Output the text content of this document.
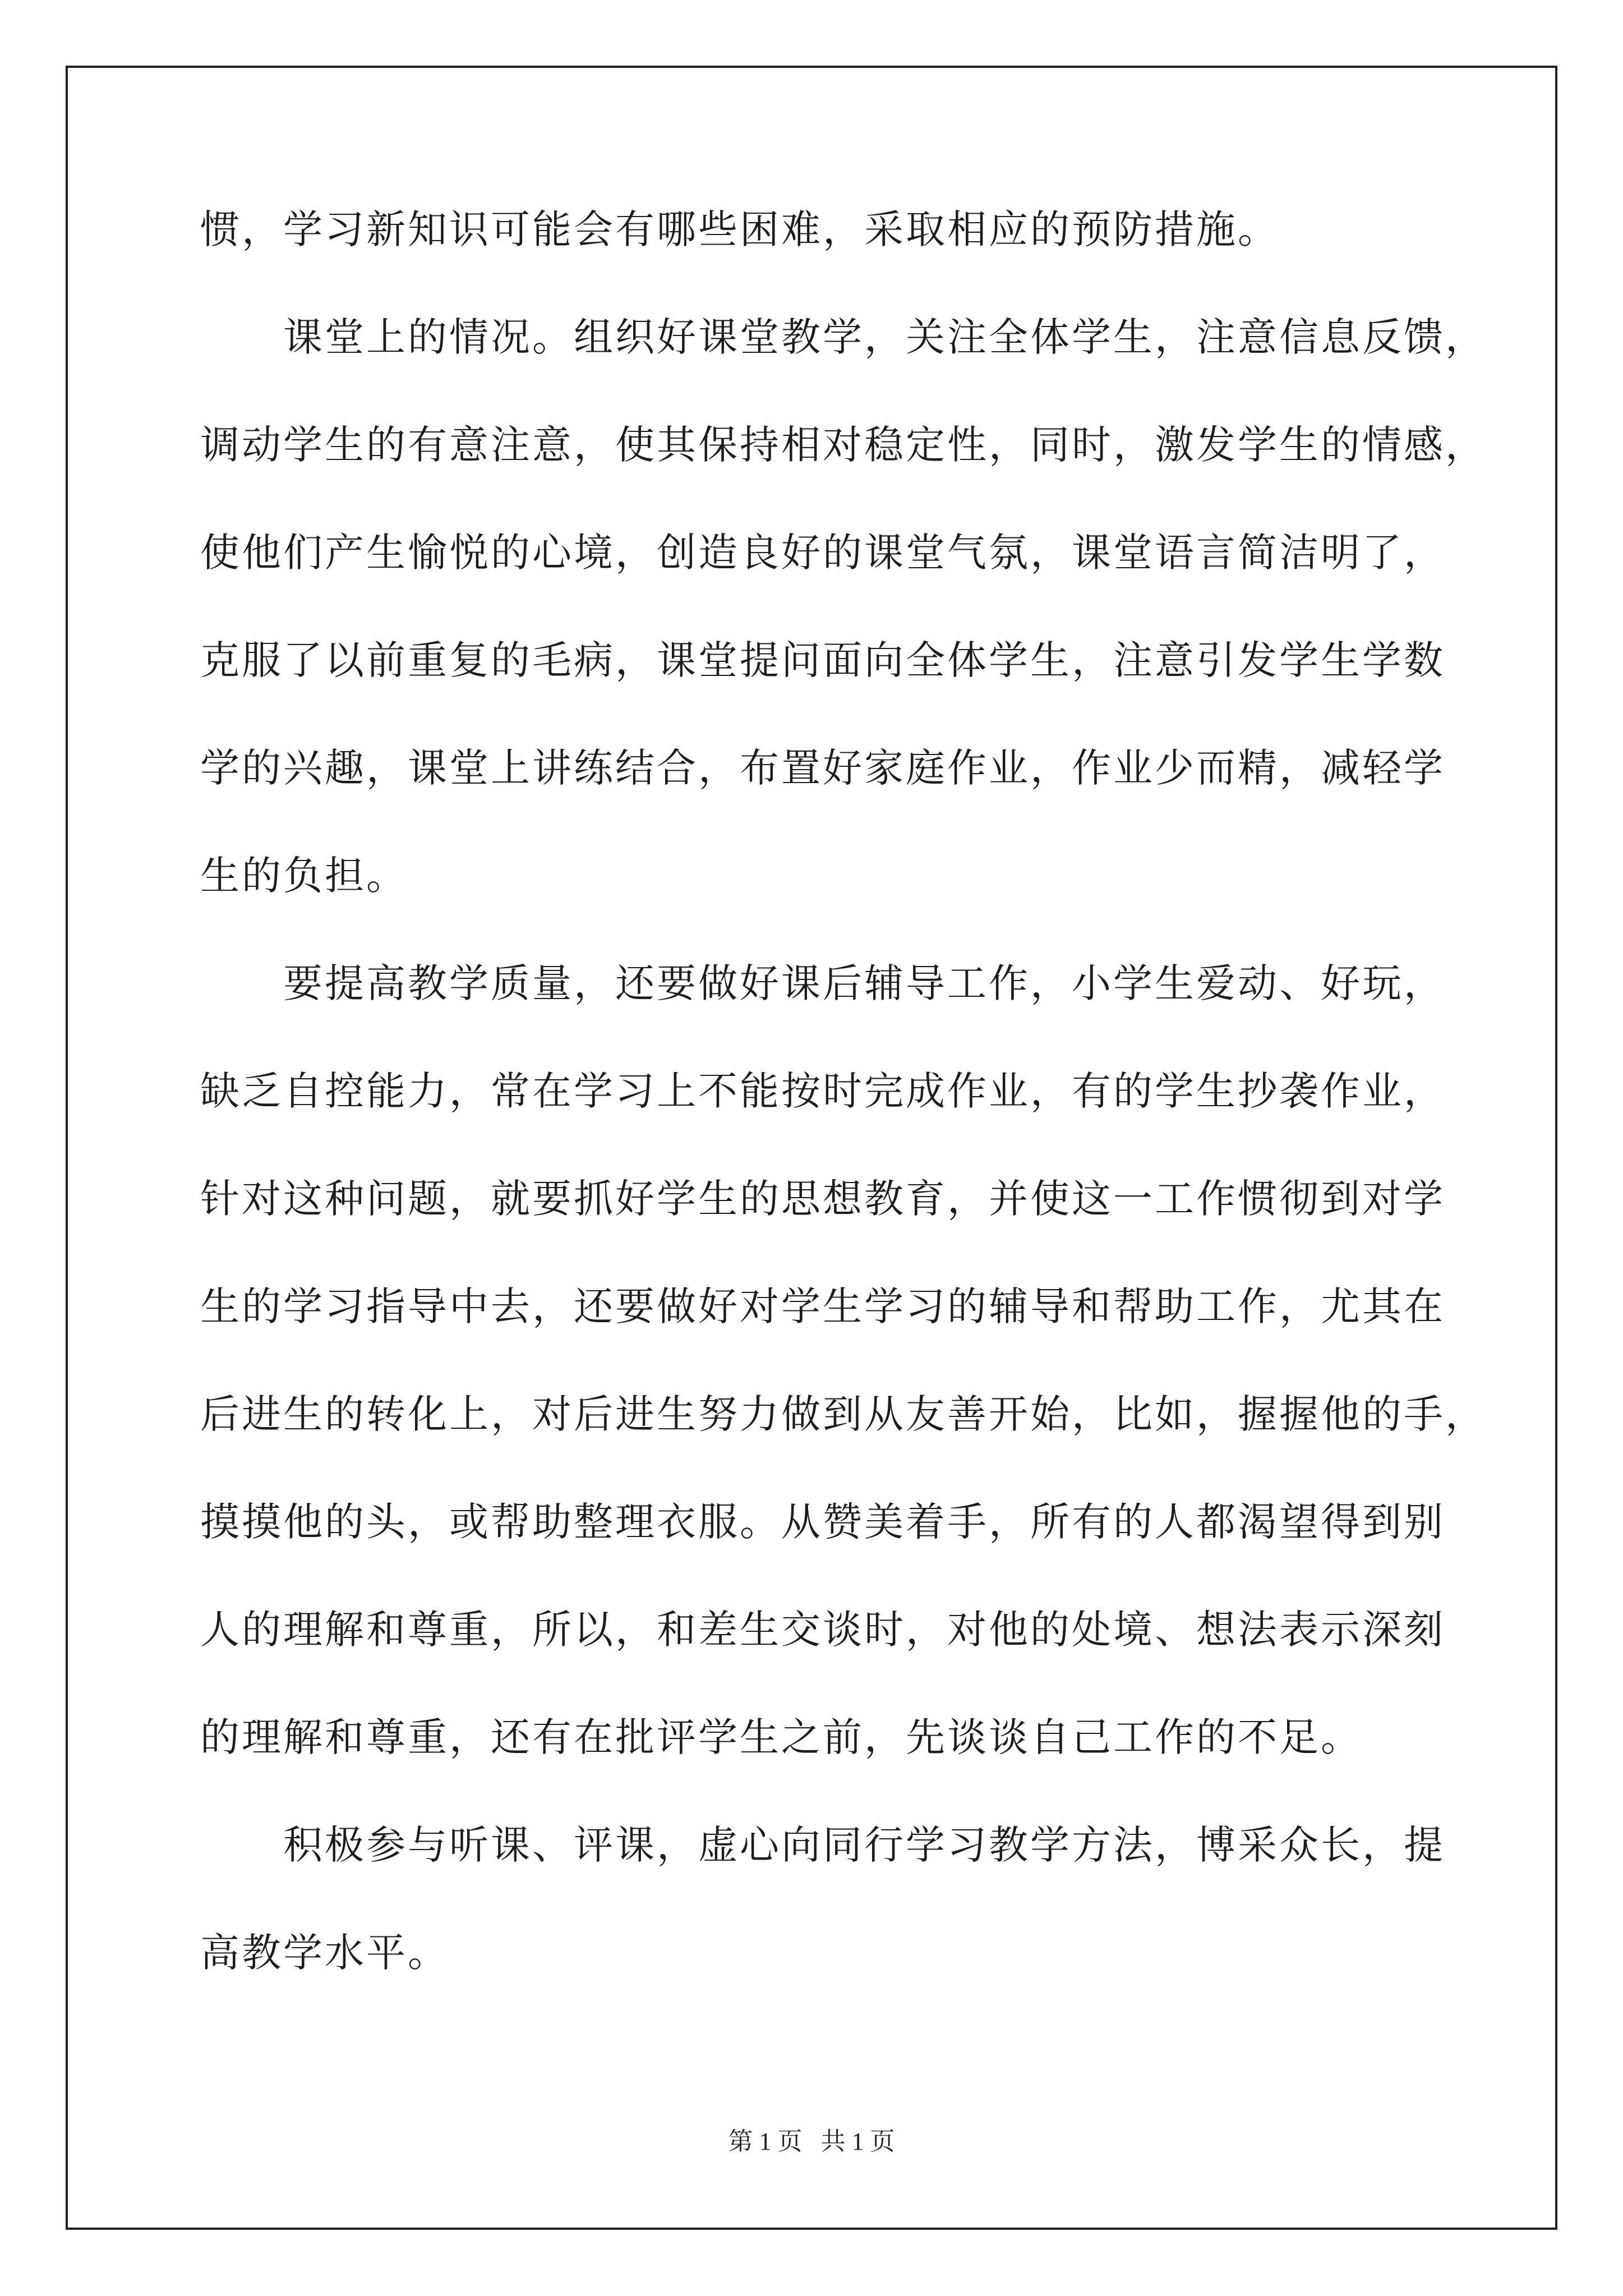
惯，学习新知识可能会有哪些困难，采取相应的预防措施。
　　课堂上的情况。组织好课堂教学，关注全体学生，注意信息反馈，
调动学生的有意注意，使其保持相对稳定性，同时，激发学生的情感，
使他们产生愉悦的心境，创造良好的课堂气氛，课堂语言简洁明了，
克服了以前重复的毛病，课堂提问面向全体学生，注意引发学生学数
学的兴趣，课堂上讲练结合，布置好家庭作业，作业少而精，减轻学
生的负担。
　　要提高教学质量，还要做好课后辅导工作，小学生爱动、好玩，
缺乏自控能力，常在学习上不能按时完成作业，有的学生抄袭作业，
针对这种问题，就要抓好学生的思想教育，并使这一工作惯彻到对学
生的学习指导中去，还要做好对学生学习的辅导和帮助工作，尤其在
后进生的转化上，对后进生努力做到从友善开始，比如，握握他的手，
摸摸他的头，或帮助整理衣服。从赞美着手，所有的人都渴望得到别
人的理解和尊重，所以，和差生交谈时，对他的处境、想法表示深刻
的理解和尊重，还有在批评学生之前，先谈谈自己工作的不足。
　　积极参与听课、评课，虚心向同行学习教学方法，博采众长，提
高教学水平。
第 1 页   共 1 页
